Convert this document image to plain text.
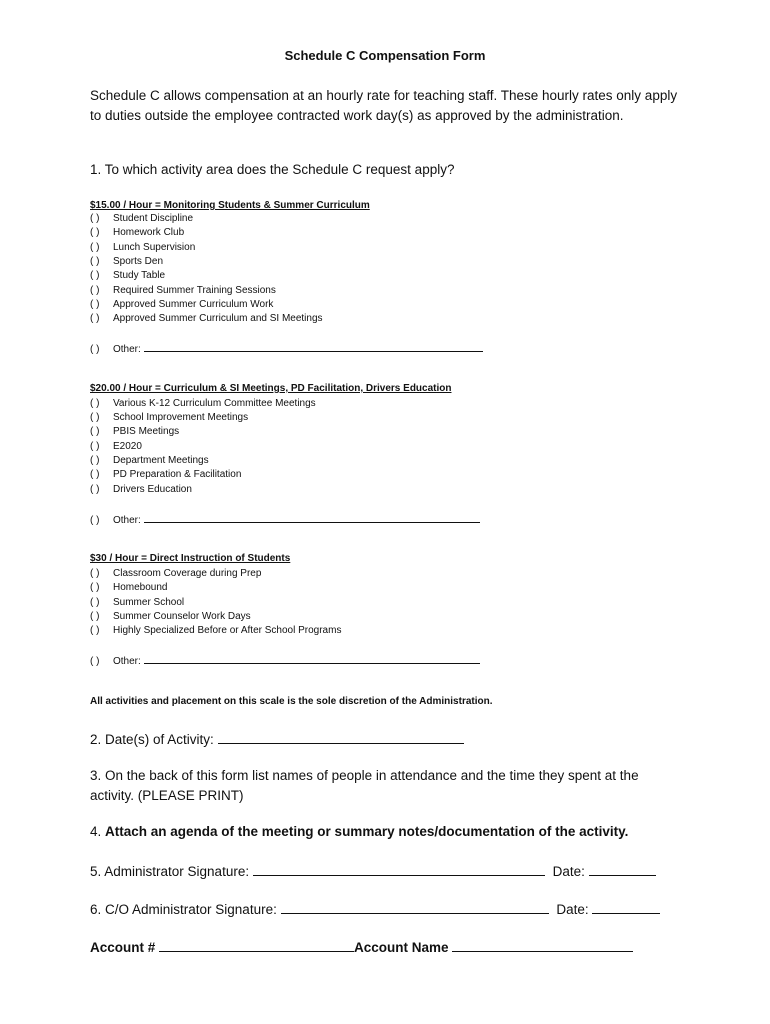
Schedule C Compensation Form
Schedule C allows compensation at an hourly rate for teaching staff. These hourly rates only apply to duties outside the employee contracted work day(s) as approved by the administration.
1. To which activity area does the Schedule C request apply?
$15.00 / Hour = Monitoring Students & Summer Curriculum
( ) Student Discipline
( ) Homework Club
( ) Lunch Supervision
( ) Sports Den
( ) Study Table
( ) Required Summer Training Sessions
( ) Approved Summer Curriculum Work
( ) Approved Summer Curriculum and SI Meetings
( ) Other:
$20.00 / Hour = Curriculum & SI Meetings, PD Facilitation, Drivers Education
( ) Various K-12 Curriculum Committee Meetings
( ) School Improvement Meetings
( ) PBIS Meetings
( ) E2020
( ) Department Meetings
( ) PD Preparation & Facilitation
( ) Drivers Education
( ) Other:
$30 / Hour = Direct Instruction of Students
( ) Classroom Coverage during Prep
( ) Homebound
( ) Summer School
( ) Summer Counselor Work Days
( ) Highly Specialized Before or After School Programs
( ) Other:
All activities and placement on this scale is the sole discretion of the Administration.
2. Date(s) of Activity:
3. On the back of this form list names of people in attendance and the time they spent at the activity. (PLEASE PRINT)
4. Attach an agenda of the meeting or summary notes/documentation of the activity.
5. Administrator Signature:	Date:
6. C/O Administrator Signature:	Date:
Account #	Account Name
